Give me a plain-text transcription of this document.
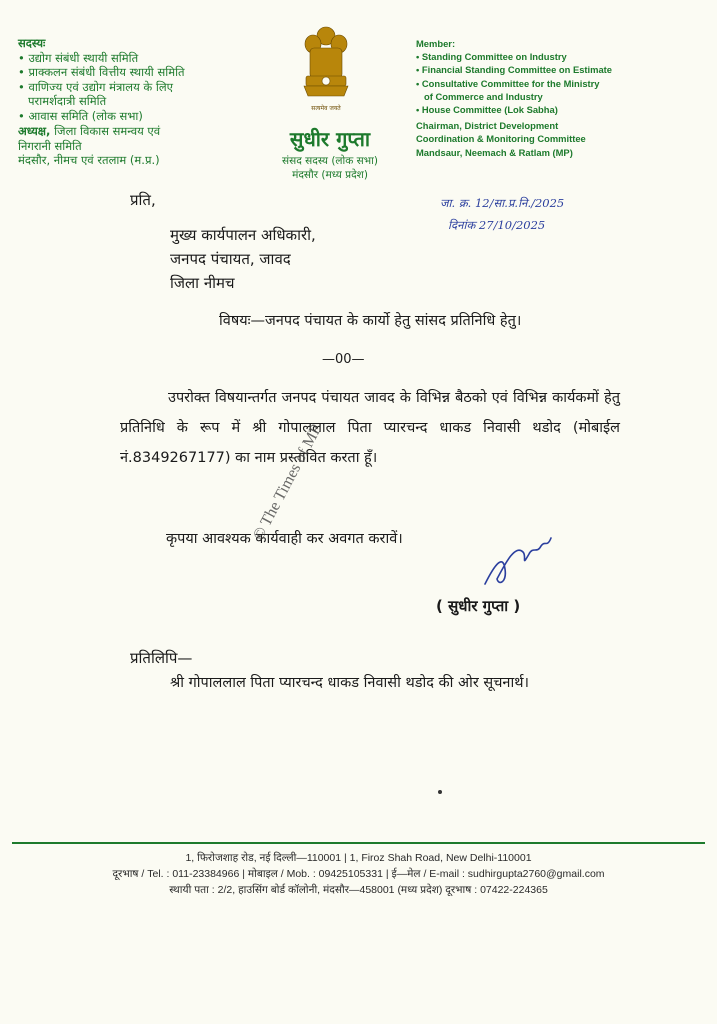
सदस्यः
• उद्योग संबंधी स्थायी समिति
• प्राक्कलन संबंधी वित्तीय स्थायी समिति
• वाणिज्य एवं उद्योग मंत्रालय के लिए
परामर्शदात्री समिति
• आवास समिति (लोक सभा)
अध्यक्ष, जिला विकास समन्वय एवं
निगरानी समिति
मंदसौर, नीमच एवं रतलाम (म.प्र.)
सत्यमेव जयते
सुधीर गुप्ता
संसद सदस्य (लोक सभा)
मंदसौर (मध्य प्रदेश)
Member:
• Standing Committee on Industry
• Financial Standing Committee on Estimate
• Consultative Committee for the Ministry
of Commerce and Industry
• House Committee (Lok Sabha)
Chairman, District Development
Coordination & Monitoring Committee
Mandsaur, Neemach & Ratlam (MP)
जा. क्र. 12/सा.प्र.नि./2025
दिनांक 27/10/2025
प्रति,
मुख्य कार्यपालन अधिकारी,
जनपद पंचायत, जावद
जिला नीमच
विषयः—जनपद पंचायत के कार्यो हेतु सांसद प्रतिनिधि हेतु।
—00—
उपरोक्त विषयान्तर्गत जनपद पंचायत जावद के विभिन्न बैठको एवं विभिन्न कार्यकमों हेतु प्रतिनिधि के रूप में श्री गोपाललाल पिता प्यारचन्द धाकड निवासी थडोद (मोबाईल नं.8349267177) का नाम प्रस्तावित करता हूँ।
कृपया आवश्यक कार्यवाही कर अवगत करावें।
( सुधीर गुप्ता )
प्रतिलिपि—
श्री गोपाललाल पिता प्यारचन्द धाकड निवासी थडोद की ओर सूचनार्थ।
© The Times of MP
1, फिरोजशाह रोड, नई दिल्ली—110001 | 1, Firoz Shah Road, New Delhi-110001
दूरभाष / Tel. : 011-23384966 | मोबाइल / Mob. : 09425105331 | ई—मेल / E-mail : sudhirgupta2760@gmail.com
स्थायी पता : 2/2, हाउसिंग बोर्ड कॉलोनी, मंदसौर—458001 (मध्य प्रदेश) दूरभाष : 07422-224365
